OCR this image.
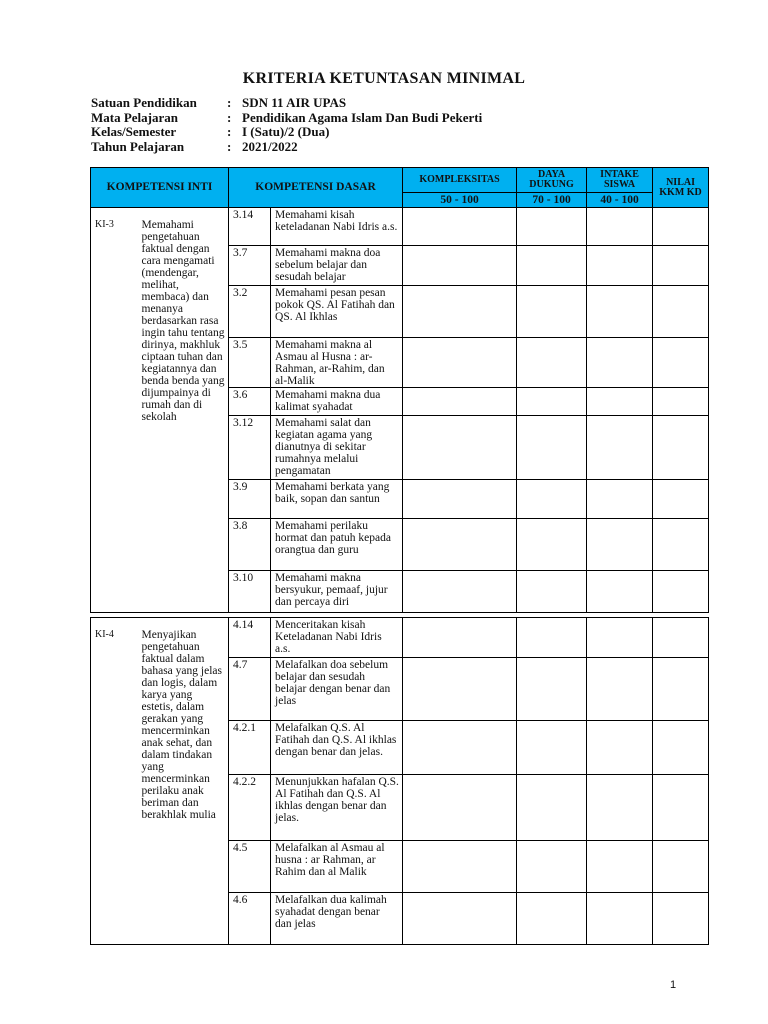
KRITERIA KETUNTASAN MINIMAL
Satuan Pendidikan	: SDN 11 AIR UPAS
Mata Pelajaran	: Pendidikan Agama Islam Dan Budi Pekerti
Kelas/Semester	: I (Satu)/2 (Dua)
Tahun Pelajaran	: 2021/2022
KOMPETENSI INTI		KOMPETENSI DASAR		KOMPLEKSITAS	DAYA DUKUNG	INTAKE SISWA	NILAI KKM KD
				50 - 100	70 - 100	40 - 100	
KI-3	Memahami pengetahuan faktual dengan cara mengamati (mendengar, melihat, membaca) dan menanya berdasarkan rasa ingin tahu tentang dirinya, makhluk ciptaan tuhan dan kegiatannya dan benda benda yang dijumpainya di rumah dan di sekolah	3.14	Memahami kisah keteladanan Nabi Idris a.s.				
		3.7	Memahami makna doa sebelum belajar dan sesudah belajar				
		3.2	Memahami pesan pesan pokok QS. Al Fatihah dan QS. Al Ikhlas				
		3.5	Memahami makna al Asmau al Husna : ar-Rahman, ar-Rahim, dan al-Malik				
		3.6	Memahami makna dua kalimat syahadat				
		3.12	Memahami salat dan kegiatan agama yang dianutnya di sekitar rumahnya melalui pengamatan				
		3.9	Memahami berkata yang baik, sopan dan santun				
		3.8	Memahami perilaku hormat dan patuh kepada orangtua dan guru				
		3.10	Memahami makna bersyukur, pemaaf, jujur dan percaya diri				

KI-4	Menyajikan pengetahuan faktual dalam bahasa yang jelas dan logis, dalam karya yang estetis, dalam gerakan yang mencerminkan anak sehat, dan dalam tindakan yang mencerminkan perilaku anak beriman dan berakhlak mulia	4.14	Menceritakan kisah Keteladanan Nabi Idris a.s.				
		4.7	Melafalkan doa sebelum belajar dan sesudah belajar dengan benar dan jelas				
		4.2.1	Melafalkan Q.S. Al Fatihah dan Q.S. Al ikhlas dengan benar dan jelas.				
		4.2.2	Menunjukkan hafalan Q.S. Al Fatihah dan Q.S. Al ikhlas dengan benar dan jelas.				
		4.5	Melafalkan al Asmau al husna : ar Rahman, ar Rahim dan al Malik				
		4.6	Melafalkan dua kalimah syahadat dengan benar dan jelas				
1
